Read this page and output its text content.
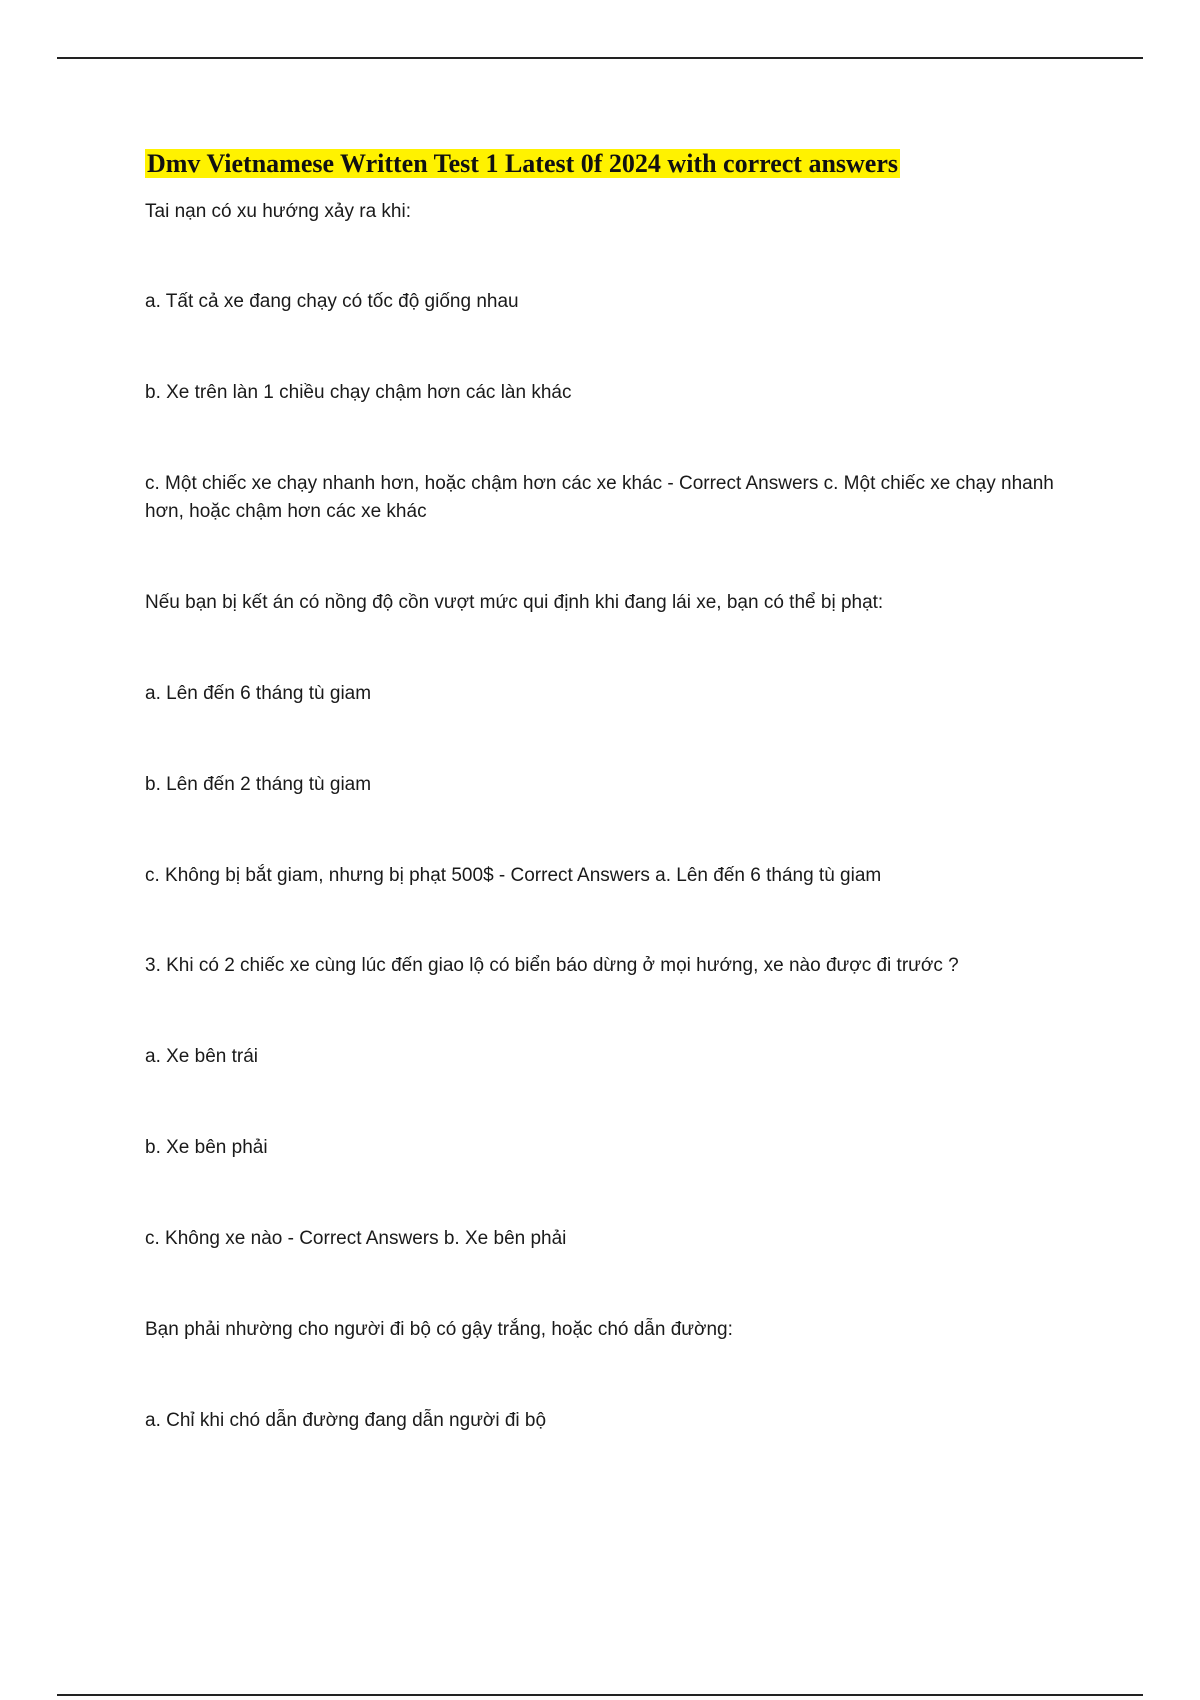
Dmv Vietnamese Written Test 1 Latest 0f 2024 with correct answers

Tai nạn có xu hướng xảy ra khi:

a. Tất cả xe đang chạy có tốc độ giống nhau

b. Xe trên làn 1 chiều chạy chậm hơn các làn khác

c. Một chiếc xe chạy nhanh hơn, hoặc chậm hơn các xe khác - Correct Answers c. Một chiếc xe chạy nhanh hơn, hoặc chậm hơn các xe khác

Nếu bạn bị kết án có nồng độ cồn vượt mức qui định khi đang lái xe, bạn có thể bị phạt:

a. Lên đến 6 tháng tù giam

b. Lên đến 2 tháng tù giam

c. Không bị bắt giam, nhưng bị phạt 500$ - Correct Answers a. Lên đến 6 tháng tù giam

3. Khi có 2 chiếc xe cùng lúc đến giao lộ có biển báo dừng ở mọi hướng, xe nào được đi trước ?

a. Xe bên trái

b. Xe bên phải

c. Không xe nào - Correct Answers b. Xe bên phải

Bạn phải nhường cho người đi bộ có gậy trắng, hoặc chó dẫn đường:

a. Chỉ khi chó dẫn đường đang dẫn người đi bộ
